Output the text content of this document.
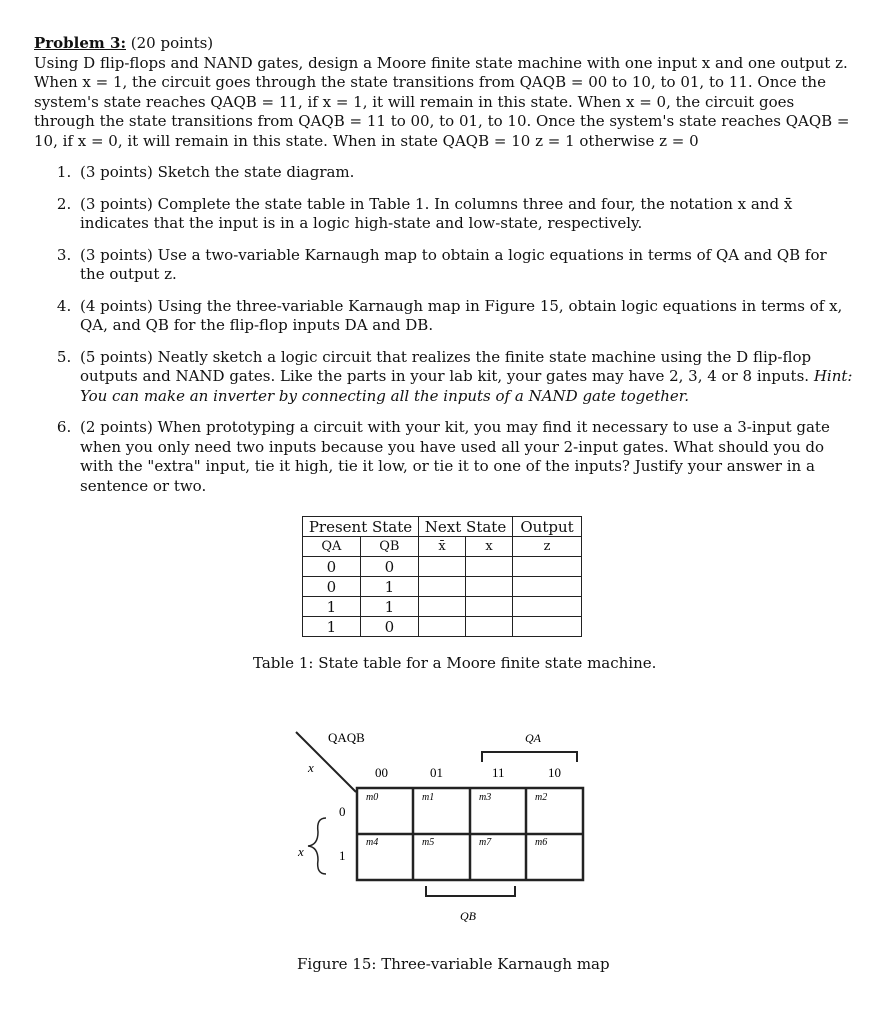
Problem 3: (20 points)
Using D flip-flops and NAND gates, design a Moore finite state machine with one input x and one output z. When x = 1, the circuit goes through the state transitions from QAQB = 00 to 10, to 01, to 11. Once the system's state reaches QAQB = 11, if x = 1, it will remain in this state. When x = 0, the circuit goes through the state transitions from QAQB = 11 to 00, to 01, to 10. Once the system's state reaches QAQB = 10, if x = 0, it will remain in this state. When in state QAQB = 10 z = 1 otherwise z = 0

1. (3 points) Sketch the state diagram.
2. (3 points) Complete the state table in Table 1. In columns three and four, the notation x and x̄ indicates that the input is in a logic high-state and low-state, respectively.
3. (3 points) Use a two-variable Karnaugh map to obtain a logic equations in terms of QA and QB for the output z.
4. (4 points) Using the three-variable Karnaugh map in Figure 15, obtain logic equations in terms of x, QA, and QB for the flip-flop inputs DA and DB.
5. (5 points) Neatly sketch a logic circuit that realizes the finite state machine using the D flip-flop outputs and NAND gates. Like the parts in your lab kit, your gates may have 2, 3, 4 or 8 inputs. Hint: You can make an inverter by connecting all the inputs of a NAND gate together.
6. (2 points) When prototyping a circuit with your kit, you may find it necessary to use a 3-input gate when you only need two inputs because you have used all your 2-input gates. What should you do with the "extra" input, tie it high, tie it low, or tie it to one of the inputs? Justify your answer in a sentence or two.
Present State		Next State		Output
QA	QB	x̄	x	z
0	0			
0	1			
1	1			
1	0			
Table 1: State table for a Moore finite state machine.
QAQB
x
QA
00	01	11	10
0
1
x
m0	m1	m3	m2
m4	m5	m7	m6
QB
Figure 15: Three-variable Karnaugh map
